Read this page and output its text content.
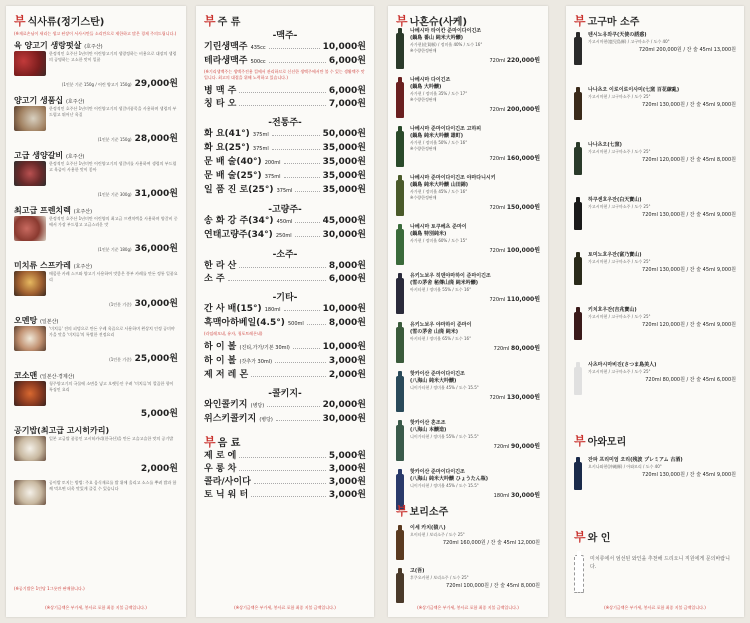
부 식사류(정기스탄)
(※재료손님이 새리는 생고 된장이 서사시만들 소리만으로 제한하고 많은 경제 주의드립니다.)
육 양고기 생랑펏살 (호주산)
한정적인 호주산 1년미만 어린양고기의 생랑정하는 비용으로 대장의 생렁의 공명하는 고소한 맛이 일품
(1인분 기준 150g / 어린 양고기 150g) 29,000원
양고기 생품십 (호주산)
한정적인 호주산 1년미만 어린양고기의 생갈비품목을 사용하며 생렁의 부드럽고 뛰어난 육질
(1인분 기준 150g) 28,000원
고급 생양갈비 (호주산)
한정적인 호주산 1년미만 어린양고기의 생갈비를 사용하여 생렁의 부드럽고 육즙이 사용한 맛이 좋아
(1인분 기준 300g) 31,000원
최고급 프렌치렉 (호주산)
한정적인 호주산 1년미만 어린양의 최고급 프렌치렉을 사용하며 양갈비 중에서 가장 부드럽고 고급스러운 맛
(1인분 기준 180g) 36,000원
미치류 스프카레 (호주산)
매콤한 카레 스프와 양고기 사용하여 맛좋은 풍부 카레를 만든 정통 일품요리
(1인분 기준) 30,000원
오멘탕 (일본산)
'미치류' 전의 피덩으로 만든 우레 육즙으로 사용하며 왼상치 인정 공미야 가을 맛을 '미치류'의 특별한 전정요리
(1인분 기준) 25,000원
코소맨 (일본산·경제산)
청주양고기의 국물에 소면을 넣고 오랫동안 우려 '미치류'의 깔끔한 향이 특징인 요리
5,000원
공기밥(최고급 고시히카리)
일본 고급쌀 품종인 고시히카리(한국산)을 만든 고슬고슬한 맛의 공기밥
2,000원
공이밥 토지는 방법: 주요 음식재료를 밥 위에 올리고 소스를 뿌려 밥과 함께 먹으면 더욱 맛있게 즐길 수 있습니다
(※공기밥은 1인당 1그릇만 판매합니다.)
(※상기금액은 부가세, 봉사료 포함 최종 지불 금액입니다.)
부 주 류
-맥주-
기린생맥주 435cc	10,000원
테라생맥주 500cc	6,000원
(※기리생맥주는 생맥주전용 컵에서 관리하므로 신선한 생맥주에서만 볼 수 있는 생활맥주 맛입니다. 최고의 대접을 위해 노력하고 있습니다.)
병 맥 주	6,000원
칭 타 오	7,000원
-전통주-
화 요(41°) 375ml	50,000원
화 요(25°) 375ml	35,000원
문 배 술(40°) 200ml	35,000원
문 배 술(25°) 375ml	35,000원
일 품 진 로(25°) 375ml	35,000원
-고량주-
송 화 강 주(34°) 450ml	45,000원
연태고량주(34°) 250ml	30,000원
-소주-
한 라 산	8,000원
소 주	6,000원
-기타-
간 사 배(15°) 180ml	10,000원
흑맥아하베일(4.5°) 500ml	8,000원
(라임레모네, 유자, 청포트레몬네)
하 이 볼 (진티,가가/기본 30ml)	10,000원
하 이 볼 (갓추가 30ml)	3,000원
제 저 레 몬	2,000원
-콜키지-
와인콜키지 (병당)	20,000원
위스키콜키지 (병당)	30,000원
부 음 료
제 로 에	5,000원
우 롱 차	3,000원
콜라/사이다	3,000원
토 닉 워 터	3,000원
(※상기금액은 부가세, 봉사료 포함 최종 지불 금액입니다.)
부 나혼슈(사케)
나베시마 타이칸 준마이다이긴조
(鍋島 番山 純米大吟醸)
사가현(佐賀縣) / 정미율 40% / 도수 16°
※수량한정판매
720ml 220,000원
나베시마 다이긴조
(鍋島 大吟醸)
사가현 / 정미율 35% / 도수 17°
※수량한정판매
720ml 200,000원
나베시마 준마이다이긴조 고하피
(鍋島 純米大吟醸 雄町)
사가현 / 정미율 50% / 도수 16°
※수량한정판매
720ml 160,000원
나베시마 준마이다이긴조 야마다니시키
(鍋島 純米大吟醸 山田錦)
사가현 / 정미율 45% / 도수 16°
※수량한정판매
720ml 150,000원
나베시마 토쿠베츠 준마이
(鍋島 特別純米)
사가현 / 정미율 60% / 도수 15°
720ml 100,000원
유키노보우 히덴야마하이 준마이긴조
(雪の茅舍 秘傳山廃 純米吟醸)
아키타현 / 정미율 55% / 도수 16°
720ml 110,000원
유키노보우 야마하이 준마이
(雪の茅舍 山廃 純米)
아키타현 / 정미율 65% / 도수 16°
720ml 80,000원
핫카이산 준마이다이긴조
(八海山 純米大吟醸)
니이가타현 / 정미율 45% / 도수 15.5°
720ml 130,000원
핫카이산 혼조조
(八海山 本醸造)
니이가타현 / 정미율 55% / 도수 15.5°
720ml 90,000원
핫카이산 준마이다이긴조
(八海山 純米大吟醸 ひょうたん瓶)
니이가타현 / 정미율 45% / 도수 15.5°
180ml 30,000원
부 보리소주
이세 카치(猿八)
오이타현 / 보리소주 / 도수 25°
720ml 160,000원 / 잔 술 45ml 12,000원
고(吾)
후쿠오카현 / 보리소주 / 도수 25°
720ml 100,000원 / 잔 술 45ml 8,000원
(※상기금액은 부가세, 봉사료 포함 최종 지불 금액입니다.)
부 고구마 소주
텐시노유와쿠(天使の誘惑)
가고시마현(鹿兒島縣) / 고구마소주 / 도수 40°
720ml 200,000원 / 잔 술 45ml 13,000원
나나츠오 이로이로이사미(七窯 百花繚亂)
가고시마현 / 고구마소주 / 도수 25°
720ml 130,000원 / 잔 술 45ml 9,000원
나나츠오(七窯)
가고시마현 / 고구마소주 / 도수 25°
720ml 120,000원 / 잔 술 45ml 8,000원
하쿠센호우잔(白天寶山)
가고시마현 / 고구마소주 / 도수 25°
720ml 130,000원 / 잔 술 45ml 9,000원
토미노호우잔(富乃寶山)
가고시마현 / 고구마소주 / 도수 25°
720ml 130,000원 / 잔 술 45ml 9,000원
키치호우잔(吉兆寶山)
가고시마현 / 고구마소주 / 도수 25°
720ml 120,000원 / 잔 술 45ml 9,000원
사츠마시마비진(さつま島美人)
가고시마현 / 고구마소주 / 도수 25°
720ml 80,000원 / 잔 술 45ml 6,000원
부 아와모리
잔파 프리미엄 오리(残波 プレミアム 古酒)
오키나와현(沖縄縣) / 아와모리 / 도수 40°
720ml 130,000원 / 잔 술 45ml 9,000원
부 와 인
미치류에서 엄선된 와인을 추천해 드리오니 직원에게 문의바랍니다.
(※상기금액은 부가세, 봉사료 포함 최종 지불 금액입니다.)
